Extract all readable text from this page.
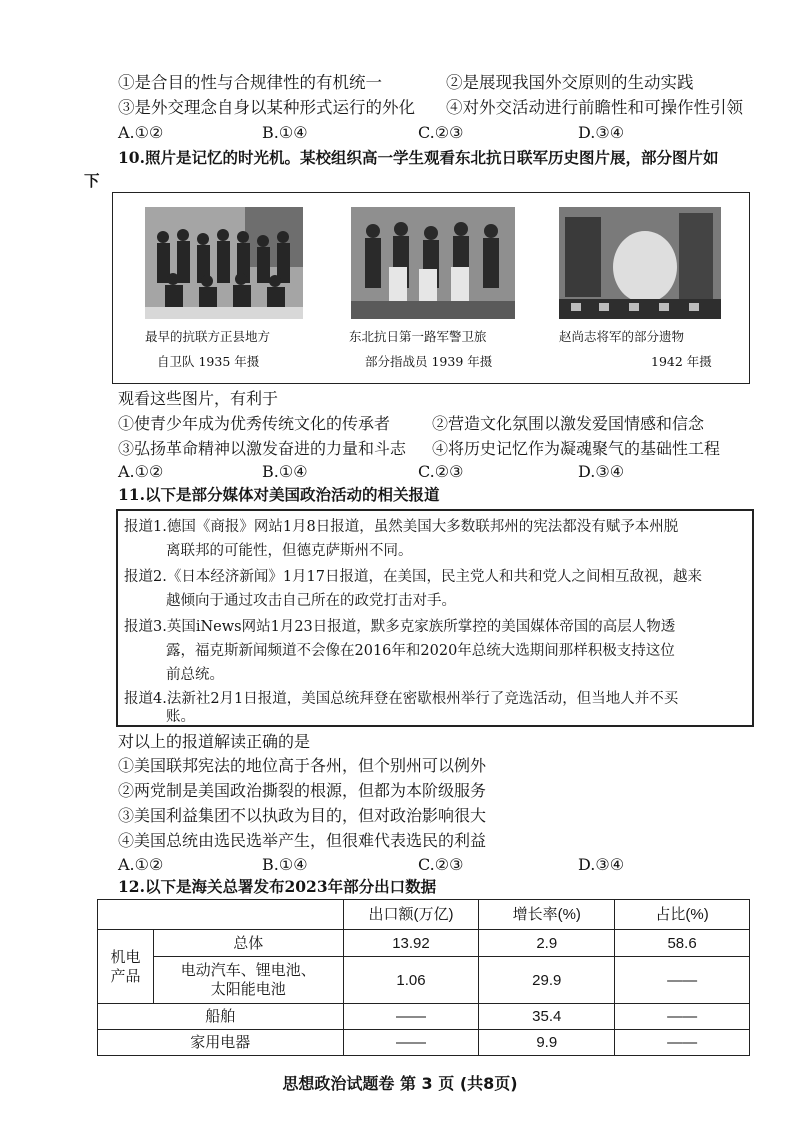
①是合目的性与合规律性的有机统一	②是展现我国外交原则的生动实践
③是外交理念自身以某种形式运行的外化 ④对外交活动进行前瞻性和可操作性引领
A.①②	B.①④	C.②③	D.③④
10.照片是记忆的时光机。某校组织高一学生观看东北抗日联军历史图片展，部分图片如
下
最早的抗联方正县地方
自卫队 1935 年摄
东北抗日第一路军警卫旅
部分指战员 1939 年摄
赵尚志将军的部分遗物
1942 年摄
观看这些图片，有利于
①使青少年成为优秀传统文化的传承者	②营造文化氛围以激发爱国情感和信念
③弘扬革命精神以激发奋进的力量和斗志 ④将历史记忆作为凝魂聚气的基础性工程
A.①②	B.①④	C.②③	D.③④
11.以下是部分媒体对美国政治活动的相关报道
报道1.德国《商报》网站1月8日报道，虽然美国大多数联邦州的宪法都没有赋予本州脱
离联邦的可能性，但德克萨斯州不同。
报道2.《日本经济新闻》1月17日报道，在美国，民主党人和共和党人之间相互敌视，越来
越倾向于通过攻击自己所在的政党打击对手。
报道3.英国iNews网站1月23日报道，默多克家族所掌控的美国媒体帝国的高层人物透
露，福克斯新闻频道不会像在2016年和2020年总统大选期间那样积极支持这位
前总统。
报道4.法新社2月1日报道，美国总统拜登在密歇根州举行了竞选活动，但当地人并不买
账。
对以上的报道解读正确的是
①美国联邦宪法的地位高于各州，但个别州可以例外
②两党制是美国政治撕裂的根源，但都为本阶级服务
③美国利益集团不以执政为目的，但对政治影响很大
④美国总统由选民选举产生，但很难代表选民的利益
A.①②	B.①④	C.②③	D.③④
12.以下是海关总署发布2023年部分出口数据
		出口额(万亿)	增长率(%)	占比(%)

机电
产品	总体	13.92	2.9	58.6

	电动汽车、锂电池、
太阳能电池	1.06	29.9	——
船舶		——	35.4	——
家用电器		——	9.9	——
思想政治试题卷 第 3 页 (共8页)
